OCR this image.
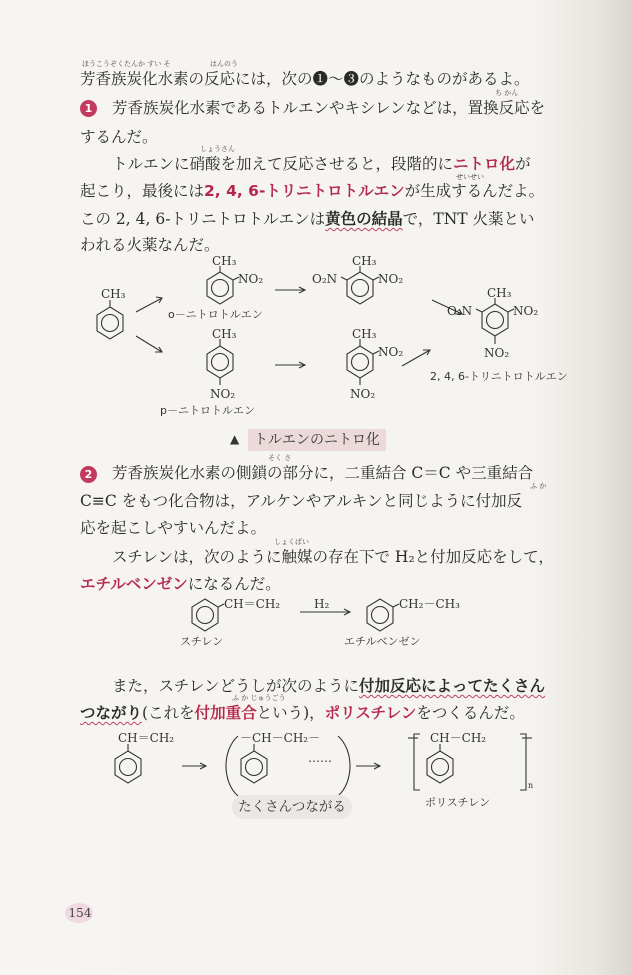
ほうこうぞくたんか すい そ	はんのう
芳香族炭化水素の反応には，次の❶～❸のようなものがあるよ。
1
ち かん
芳香族炭化水素であるトルエンやキシレンなどは，置換反応を
するんだ。
しょうさん
トルエンに硝酸を加えて反応させると，段階的にニトロ化が
せいせい
起こり，最後には2, 4, 6-トリニトロトルエンが生成するんだよ。
この 2, 4, 6-トリニトロトルエンは黄色の結晶で，TNT 火薬とい
われる火薬なんだ。
CH₃
CH₃
NO₂
o－ニトロトルエン
CH₃
NO₂
O₂N
CH₃
NO₂
O₂N
NO₂
2, 4, 6-トリニトロトルエン
CH₃
NO₂
p－ニトロトルエン
CH₃
NO₂
NO₂
CH＝CH₂	H₂	CH₂－CH₃
スチレン	エチルベンゼン
CH＝CH₂	－CH－CH₂－
……
CH－CH₂
n
ポリスチレン
▲	トルエンのニトロ化
2
そく さ
芳香族炭化水素の側鎖の部分に，二重結合 C＝C や三重結合
ふ か
C≡C をもつ化合物は，アルケンやアルキンと同じように付加反
応を起こしやすいんだよ。
しょくばい
スチレンは，次のように触媒の存在下で H₂と付加反応をして，
エチルベンゼンになるんだ。
また，スチレンどうしが次のように付加反応によってたくさん
ふ か じゅうごう
つながり(これを付加重合という)，ポリスチレンをつくるんだ。
たくさんつながる
154
